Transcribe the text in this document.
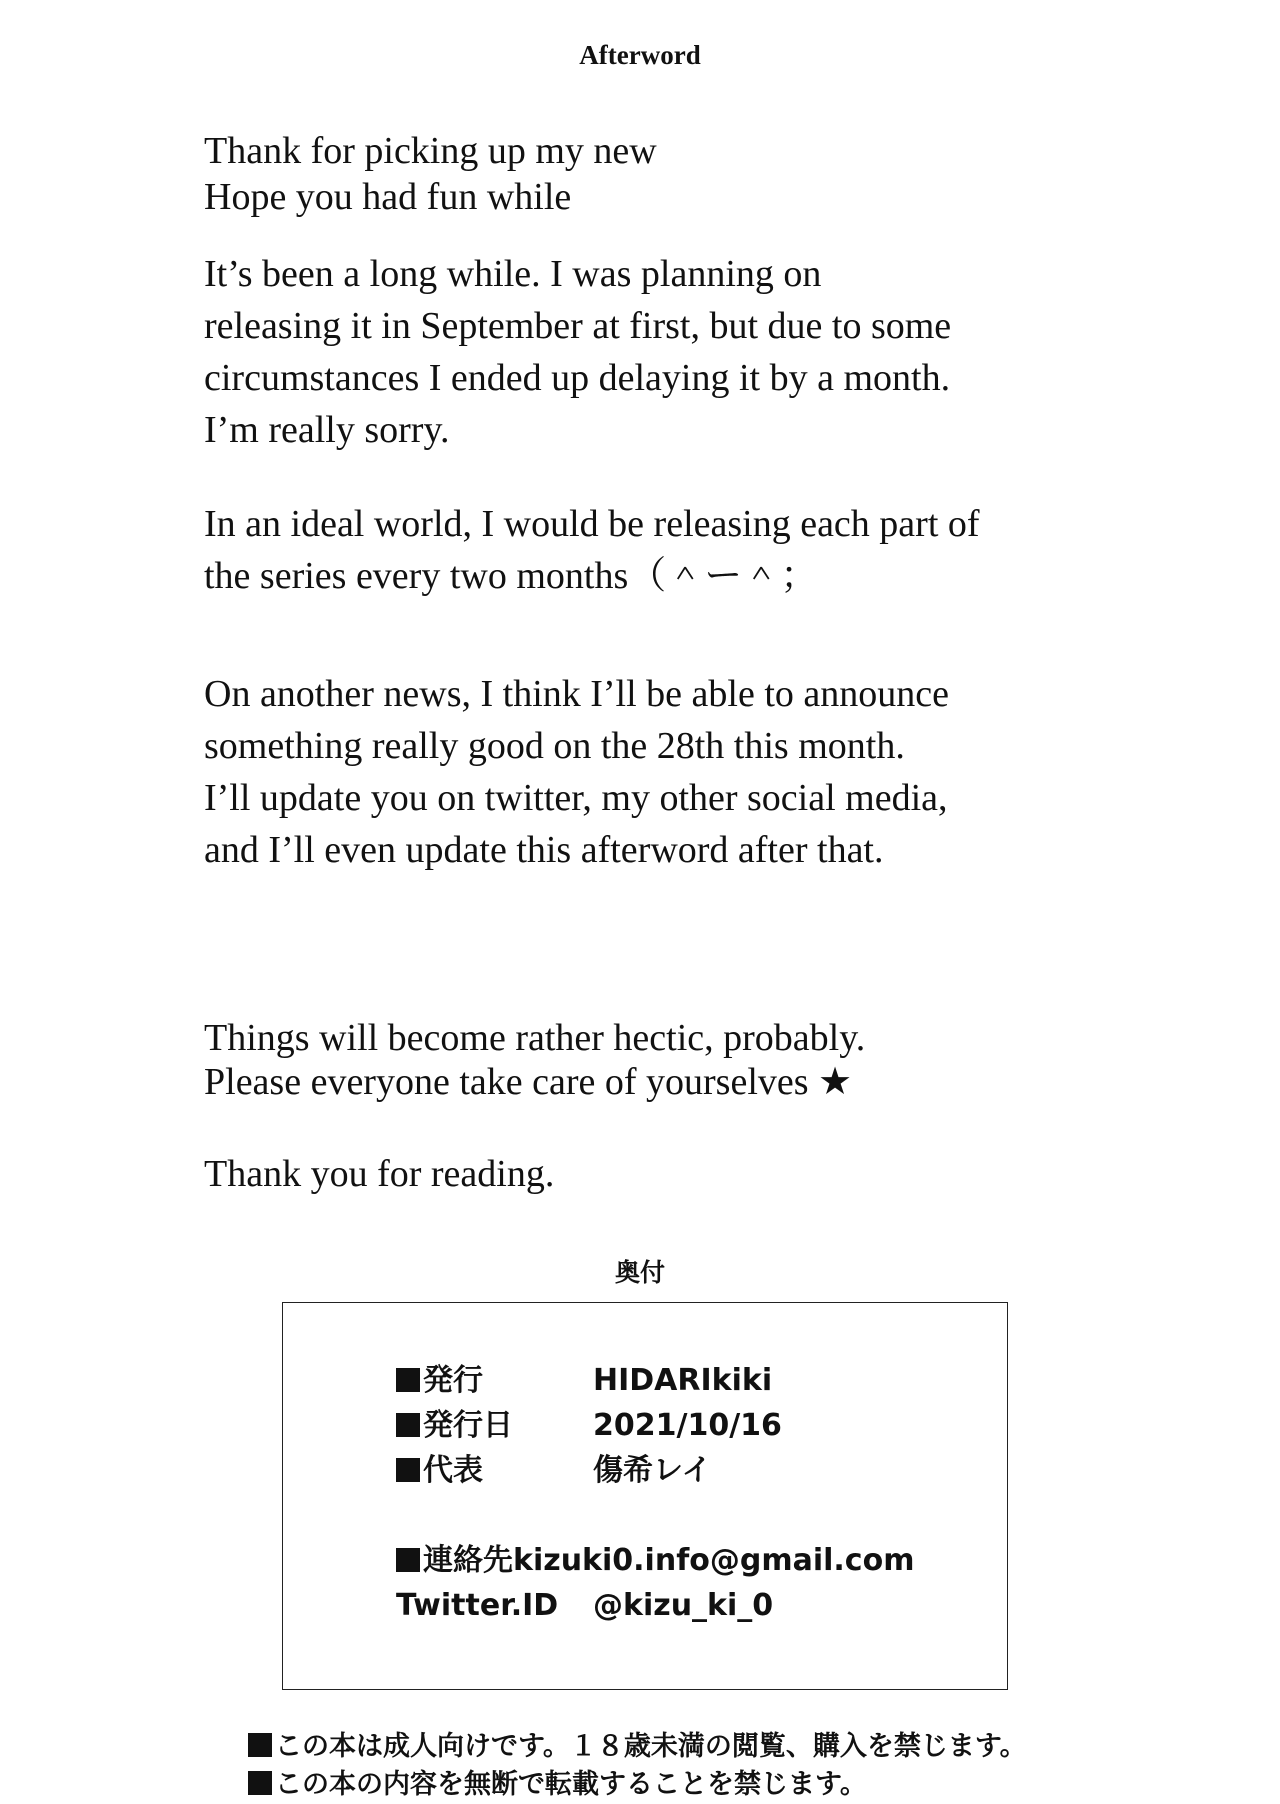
Afterword
Thank for picking up my new
Hope you had fun while
It’s been a long while. I was planning on
releasing it in September at first, but due to some
circumstances I ended up delaying it by a month.
I’m really sorry.
In an ideal world, I would be releasing each part of
the series every two months（＾ー＾；
On another news, I think I’ll be able to announce
something really good on the 28th this month.
I’ll update you on twitter, my other social media,
and I’ll even update this afterword after that.
Things will become rather hectic, probably.
Please everyone take care of yourselves ★
Thank you for reading.
奥付
発行	HIDARIkiki
発行日	2021/10/16
代表	傷希レイ
連絡先kizuki0.info@gmail.com
Twitter.ID @kizu_ki_0
この本は成人向けです。１８歳未満の閲覧、購入を禁じます。
この本の内容を無断で転載することを禁じます。
